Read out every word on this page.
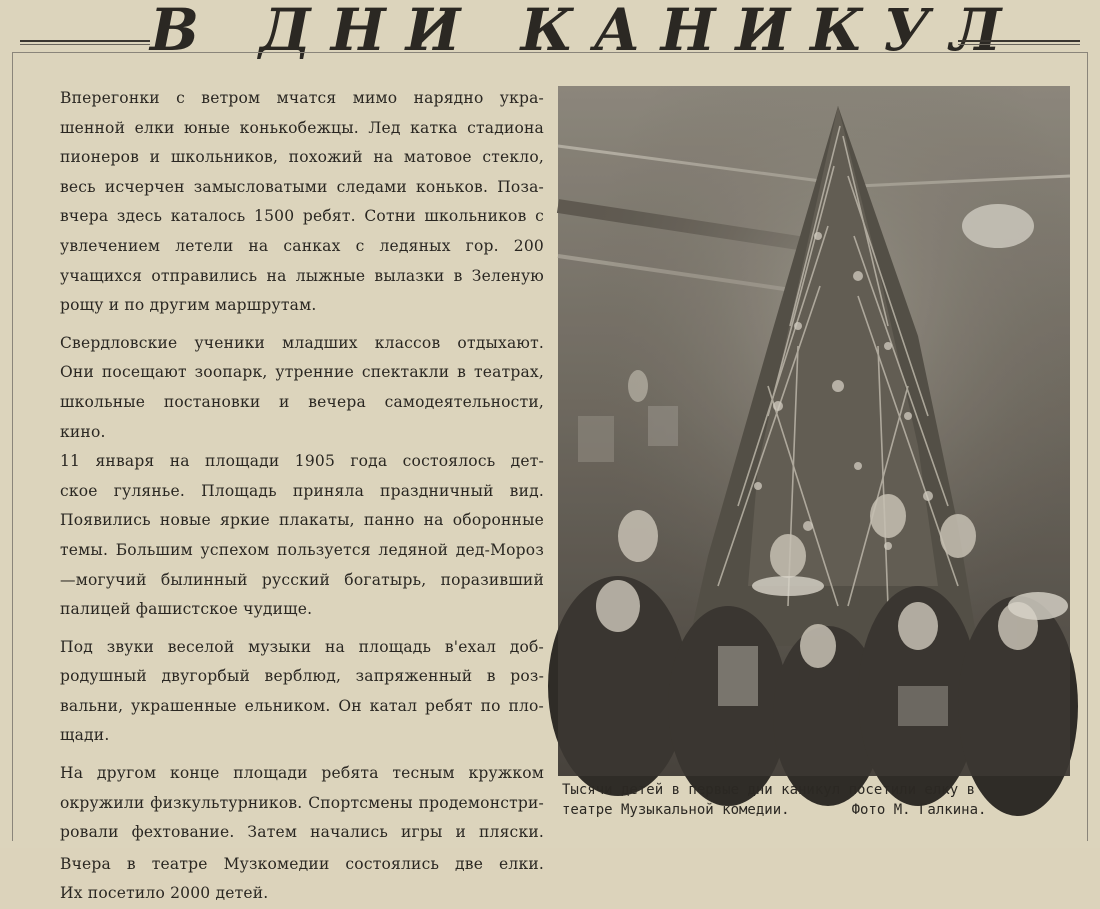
В ДНИ КАНИКУЛ

Вперегонки с ветром мчатся мимо нарядно укра-
шенной елки юные конькобежцы. Лед катка стадиона
пионеров и школьников, похожий на матовое стекло,
весь исчерчен замысловатыми следами коньков. Поза-
вчера здесь каталось 1500 ребят. Сотни школьников с
увлечением летели на санках с ледяных гор. 200
учащихся отправились на лыжные вылазки в Зеленую
рощу и по другим маршрутам.

Свердловские ученики младших классов отдыхают.
Они посещают зоопарк, утренние спектакли в театрах,
школьные постановки и вечера самодеятельности,
кино.

11 января на площади 1905 года состоялось дет-
ское гулянье. Площадь приняла праздничный вид.
Появились новые яркие плакаты, панно на оборонные
темы. Большим успехом пользуется ледяной дед-Мороз
—могучий былинный русский богатырь, поразивший
палицей фашистское чудище.

Под звуки веселой музыки на площадь в'ехал доб-
родушный двугорбый верблюд, запряженный в роз-
вальни, украшенные ельником. Он катал ребят по пло-
щади.

На другом конце площади ребята тесным кружком
окружили физкультурников. Спортсмены продемонстри-
ровали фехтование. Затем начались игры и пляски.

Вчера в театре Музкомедии состоялись две елки.
Их посетило 2000 детей.

Тысячи детей в первые дни каникул посетили елку в
театре Музыкальной комедии.	Фото М. Галкина.
